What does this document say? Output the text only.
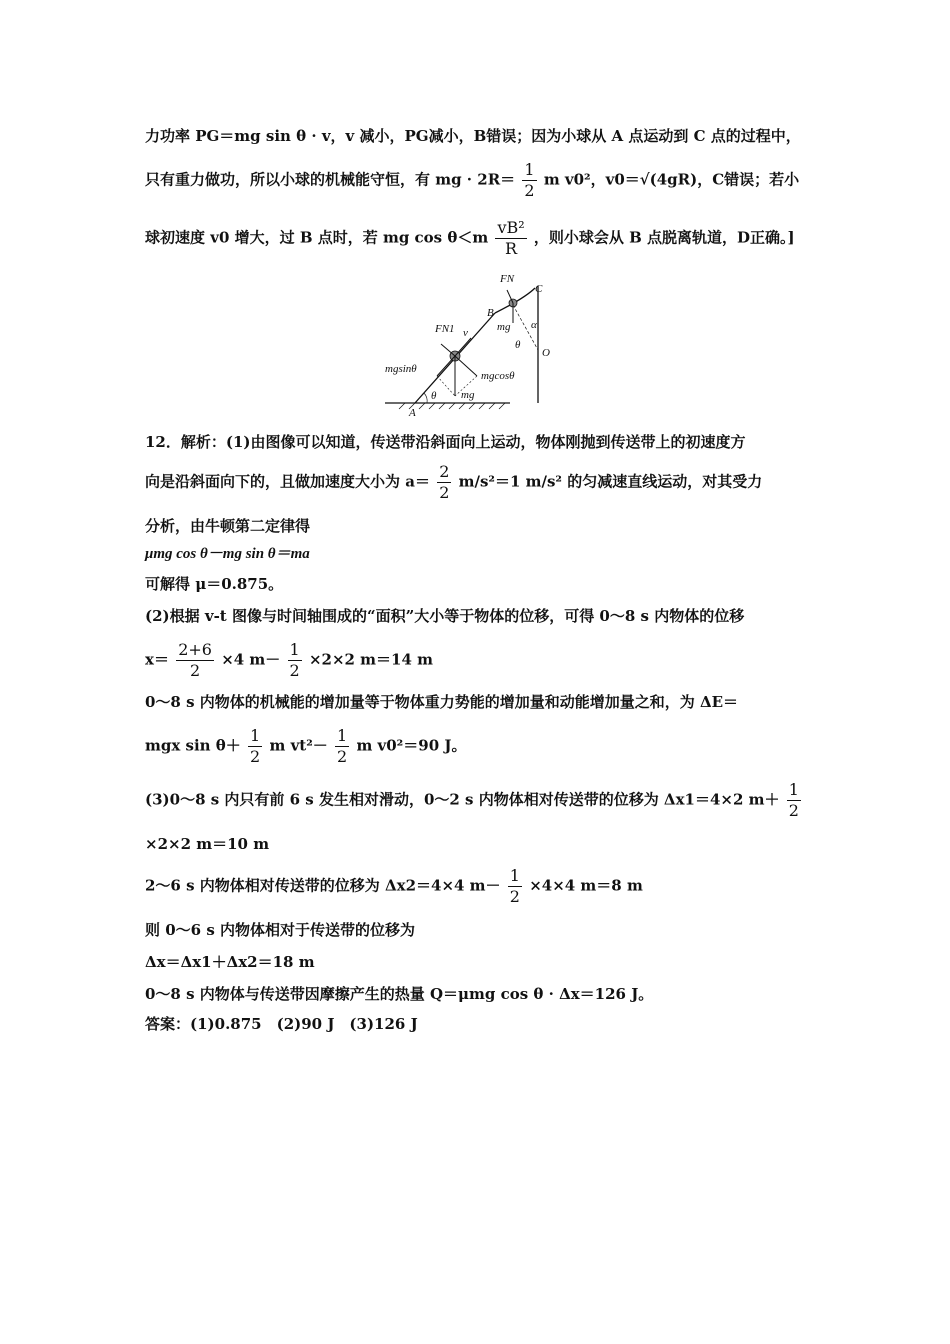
力功率 PG＝mg sin θ · v，v 减小，PG减小，B错误；因为小球从 A 点运动到 C 点的过程中，
只有重力做功，所以小球的机械能守恒，有 mg · $2R= \frac{1}{2}$ m v0²，v0＝√(4gR)，C错误；若小
球初速度 v0 增大，过 B 点时，若 mg $\cos \theta<m \frac{\text{vB²}}{R}$ ，则小球会从 B 点脱离轨道，D正确。]
FN
C
B
mg α
θ
O
FN1 v
mgsinθ
mgcosθ
θ mg
A
12．解析：(1)由图像可以知道，传送带沿斜面向上运动，物体刚抛到传送带上的初速度方
向是沿斜面向下的，且做加速度大小为 $a= \frac{2}{2} m/s^2=1$ m/s² 的匀减速直线运动，对其受力
分析，由牛顿第二定律得
μmg cos θ－mg sin θ＝ma
可解得 μ＝0.875。
(2)根据 v-t 图像与时间轴围成的“面积”大小等于物体的位移，可得 0～8 s 内物体的位移
$x= \frac{2+6}{2} \times 4$ $m- \frac{1}{2} \times 2\times 2$ m＝14 m
0～8 s 内物体的机械能的增加量等于物体重力势能的增加量和动能增加量之和，为 ΔE＝
mgx $\sin \theta+ \frac{1}{2}$ m $vt^2- \frac{1}{2}$ m v0²＝90 J。
(3)0～8 s 内只有前 6 s 发生相对滑动，0～2 s 内物体相对传送带的位移为 Δx1＝4×2 $m+ \frac{1}{2}$
×2×2 m＝10 m
2～6 s 内物体相对传送带的位移为 Δx2＝4×4 $m- \frac{1}{2} \times 4\times 4$ m＝8 m
则 0～6 s 内物体相对于传送带的位移为
Δx＝Δx1＋Δx2＝18 m
0～8 s 内物体与传送带因摩擦产生的热量 Q＝μmg cos θ · Δx＝126 J。
答案：(1)0.875　(2)90 J　(3)126 J
